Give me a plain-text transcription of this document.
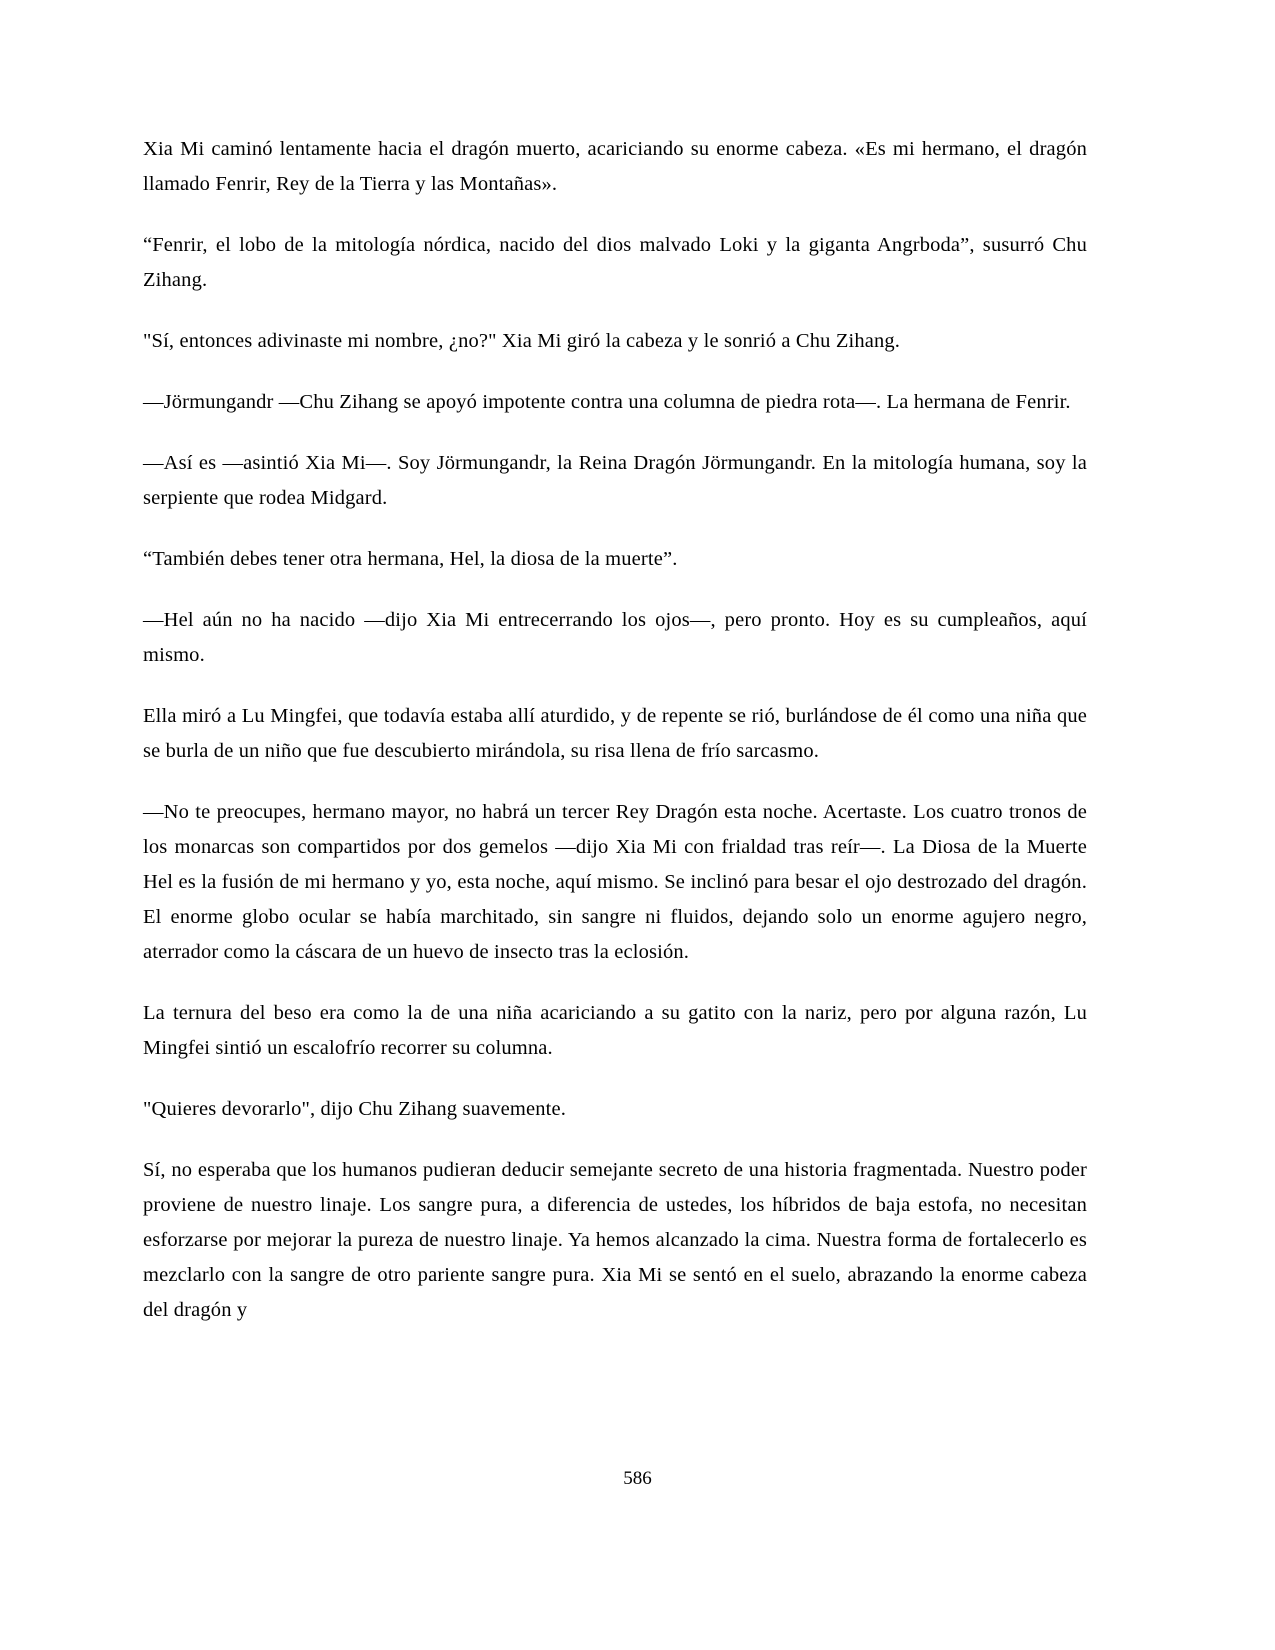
Xia Mi caminó lentamente hacia el dragón muerto, acariciando su enorme cabeza. «Es mi hermano, el dragón llamado Fenrir, Rey de la Tierra y las Montañas».

“Fenrir, el lobo de la mitología nórdica, nacido del dios malvado Loki y la giganta Angrboda”, susurró Chu Zihang.

"Sí, entonces adivinaste mi nombre, ¿no?" Xia Mi giró la cabeza y le sonrió a Chu Zihang.

—Jörmungandr —Chu Zihang se apoyó impotente contra una columna de piedra rota—. La hermana de Fenrir.

—Así es —asintió Xia Mi—. Soy Jörmungandr, la Reina Dragón Jörmungandr. En la mitología humana, soy la serpiente que rodea Midgard.

“También debes tener otra hermana, Hel, la diosa de la muerte”.

—Hel aún no ha nacido —dijo Xia Mi entrecerrando los ojos—, pero pronto. Hoy es su cumpleaños, aquí mismo.

Ella miró a Lu Mingfei, que todavía estaba allí aturdido, y de repente se rió, burlándose de él como una niña que se burla de un niño que fue descubierto mirándola, su risa llena de frío sarcasmo.

—No te preocupes, hermano mayor, no habrá un tercer Rey Dragón esta noche. Acertaste. Los cuatro tronos de los monarcas son compartidos por dos gemelos —dijo Xia Mi con frialdad tras reír—. La Diosa de la Muerte Hel es la fusión de mi hermano y yo, esta noche, aquí mismo. Se inclinó para besar el ojo destrozado del dragón. El enorme globo ocular se había marchitado, sin sangre ni fluidos, dejando solo un enorme agujero negro, aterrador como la cáscara de un huevo de insecto tras la eclosión.

La ternura del beso era como la de una niña acariciando a su gatito con la nariz, pero por alguna razón, Lu Mingfei sintió un escalofrío recorrer su columna.

"Quieres devorarlo", dijo Chu Zihang suavemente.

Sí, no esperaba que los humanos pudieran deducir semejante secreto de una historia fragmentada. Nuestro poder proviene de nuestro linaje. Los sangre pura, a diferencia de ustedes, los híbridos de baja estofa, no necesitan esforzarse por mejorar la pureza de nuestro linaje. Ya hemos alcanzado la cima. Nuestra forma de fortalecerlo es mezclarlo con la sangre de otro pariente sangre pura. Xia Mi se sentó en el suelo, abrazando la enorme cabeza del dragón y

586
